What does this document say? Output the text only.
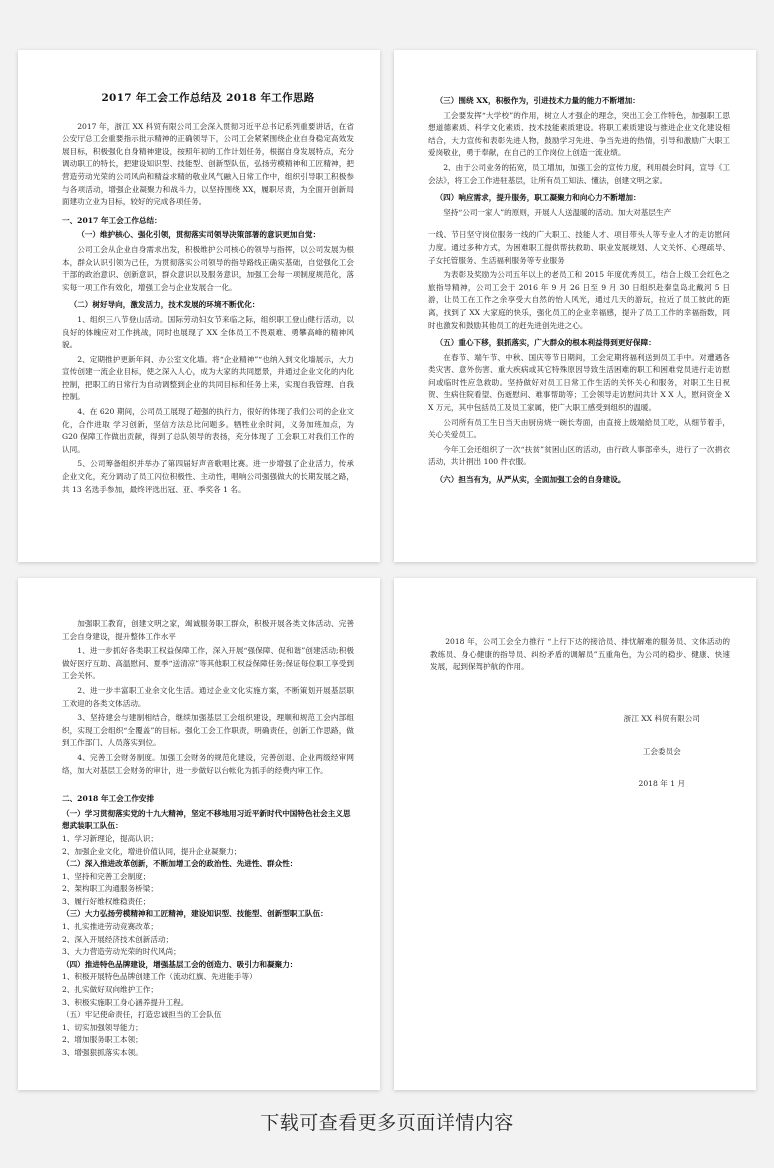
2017 年工会工作总结及 2018 年工作思路

2017 年，浙江 XX 科贸有限公司工会深入贯彻习近平总书记系列重要讲话，在省公安厅总工会重要指示批示精神的正确领导下，公司工会紧紧围绕企业自身稳定高效发展目标，积极强化自身精神建设，按照年初的工作计划任务，根据自身发展特点，充分调动职工的特长，把建设知识型、技能型、创新型队伍，弘扬劳模精神和工匠精神，把营造劳动光荣的公司风尚和精益求精的敬业风气融入日常工作中，组织引导职工积极参与各项活动，增强企业凝聚力和战斗力，以坚持围绕 XX，履职尽责，为全面开创新局面建功立业为目标，较好的完成各项任务。

一、2017 年工会工作总结：

（一）维护核心、强化引领，贯彻落实司领导决策部署的意识更加自觉：

公司工会从企业自身需求出发，积极维护公司核心的领导与指挥，以公司发展为根本，群众认识引领为己任，为贯彻落实公司领导的指导路线正确实基础，自觉强化工会干部的政治意识、创新意识，群众意识以及服务意识，加强工会每一项制度规范化，落实每一项工作有效化，增强工会与企业发展合一化。

（二）树好导向，激发活力，技术发展的环境不断优化：

1、组织三八节登山活动。国际劳动妇女节来临之际，组织职工登山健行活动，以良好的体魄应对工作挑战，同时也展现了 XX 全体员工不畏艰难、勇攀高峰的精神风貌。

2、定期推护更新年间、办公室文化墙。将“企业精神”“也纳入到文化墙展示，大力宣传创建一流企业目标，使之深入人心，成为大家的共同愿景，并通过企业文化的内化控制，把职工的日常行为自动调整到企业的共同目标和任务上来，实现自我管理、自我控制。

4、在 620 期间，公司员工展现了超强的执行力，很好的体现了我们公司的企业文化，合作进取 学习创新，坚信方法总比问题多。牺牲业余时间，义务加班加点，为 G20 保障工作做出贡献，得到了总队领导的表扬，充分体现了 工会职工对我们工作的认同。

5、公司筹备组织并举办了第四届好声音歌唱比赛。进一步增强了企业活力，传承企业文化，充分调动了员工闪位积极性、主动性，唱响公司强强做大的长期发展之路，共 13 名选手参加，最终评选出冠、亚、季奖各 1 名。

（三）围绕 XX，积极作为，引进技术力量的能力不断增加：

工会要发挥“大学校”的作用，树立人才强企的理念，突出工会工作特色，加强职工思想道德素质、科学文化素质、技术技能素质建设。将职工素质建设与推进企业文化建设相结合，大力宣传和表彰先进人物，鼓励学习先进、争当先进的热情，引导和激励广大职工爱岗敬业，勇于奉献，在自己的工作岗位上创造一流业绩。

2、由于公司业务的拓宽，员工增加，加强工会的宣传力度，利用晨会时间，宣导《工会法》，将工会工作进驻基层，让所有员工知法、懂法，创建文明之家。

（四）响应需求，提升服务，职工凝聚力和向心力不断增加：

坚持“公司一家人”的原则，开展人人送温暖的活动。加大对基层生产

一线、节日坚守岗位服务一线的广大职工、技能人才、项目带头人等专业人才的走访慰问力度。通过多种方式，为困难职工提供帮扶救助、职业发展规划、人文关怀、心理疏导、子女托管服务、生活福利服务等专业服务

为表彰及奖励为公司五年以上的老员工和 2015 年度优秀员工，结合上级工会红色之旅指导精神，公司工会于 2016 年 9 月 26 日至 9 月 30 日组织赴秦皇岛北戴河 5 日游，让员工在工作之余享受大自然的怡人风光，通过几天的游玩，拉近了员工彼此的距离，找到了 XX 大家庭的快乐，强化员工的企业幸福感，提升了员工工作的幸福指数，同时也激发和鼓励其他员工的赶先进创先进之心。

（五）重心下移，狠抓落实，广大群众的根本利益得到更好保障：

在春节、端午节、中秋、国庆等节日期间，工会定期将福利送到员工手中。对遭遇各类灾害、意外伤害、重大疾病或其它特殊原因导致生活困难的职工和困难党员进行走访慰问或临时性应急救助。坚持做好对员工日常工作生活的关怀关心和服务，对职工生日祝贺、生病住院看望、伤逝慰问、难事帮助等；工会领导走访慰问共计 X X 人，慰问资金 X X 万元，其中包括员工及员工家属，使广大职工感受到组织的温暖。

公司所有员工生日当天由厨房烧一碗长寿面，由直接上级端給员工吃，从细节着手，关心关爱员工。

今年工会还组织了一次“扶贫”贫困山区的活动，由行政人事部牵头，进行了一次捐衣活动，共计捐出 100 件衣服。

（六）担当有为，从严从实，全面加强工会的自身建设。

加强职工教育，创建文明之家，竭诚服务职工群众，积极开展各类文体活动、完善工会自身建设，提升整体工作水平

1、进一步抓好各类职工权益保障工作，深入开展“强保障、促和谐”创建活动;积极做好医疗互助、高温慰问、夏季“送清凉”等其他职工权益保障任务;保证每位职工享受到工会关怀。

2、进一步丰富职工业余文化生活。通过企业文化实施方案，不断策划开展基层职工欢迎的各类文体活动。

3、坚持建会与建制相结合，继续加强基层工会组织建设，理顺和规范工会内部组织，实现工会组织“全覆盖”的目标。强化工会工作职责，明确责任，创新工作思路，做到工作部门、人员落实到位。

4、完善工会财务制度。加强工会财务的规范化建设，完善创退、企业两级经审网络，加大对基层工会财务的审计，进一步做好以台帐化为抓手的经费内审工作。

二、2018 年工会工作安排

（一）学习贯彻落实党的十九大精神，坚定不移地用习近平新时代中国特色社会主义思想武装职工队伍：

1、学习新理论，提高认识；

2、加强企业文化，增进价值认同，提升企业凝聚力；

（二）深入推进改革创新，不断加增工会的政治性、先进性、群众性：

1、坚持和完善工会制度；

2、架构职工沟通服务桥梁；

3、履行好维权维稳责任；

（三）大力弘扬劳模精神和工匠精神，建设知识型、技能型、创新型职工队伍：

1、扎实推进劳动竞赛改革；

2、深入开展经济技术创新活动；

3、大力营造劳动光荣的时代风尚；

（四）推进特色品牌建设，增强基层工会的创造力、吸引力和凝聚力：

1、积极开展特色品牌创建工作（流动红旗、先进能手等）

2、扎实做好双向维护工作；

3、积极实施职工身心涵养提升工程。

（五）牢记使命责任，打造忠诚担当的工会队伍

1、切实加强领导能力；

2、增加服务职工本领；

3、增强狠抓落实本领。

2018 年，公司工会全力推行 “上行下达的接洽员、排忧解难的服务员、文体活动的教练员、身心健康的指导员、纠纷矛盾的调解员”五重角色，为公司的稳步、健康、快速发展，起到保驾护航的作用。

浙江 XX 科贸有限公司
工会委员会
2018 年 1 月
下载可查看更多页面详情内容
